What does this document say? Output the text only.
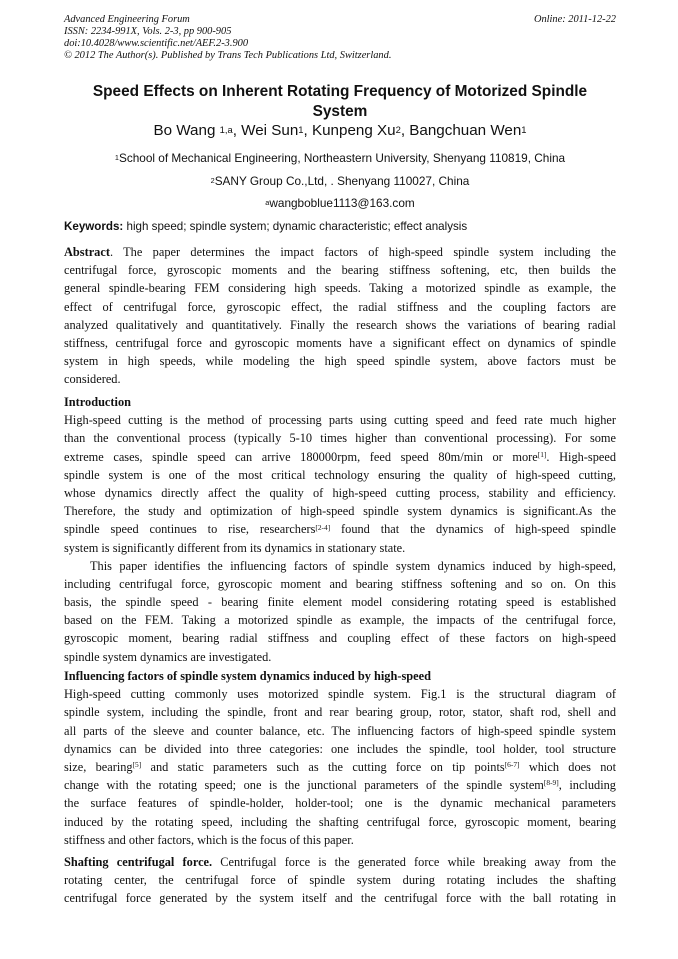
Advanced Engineering Forum	Online: 2011-12-22
ISSN: 2234-991X, Vols. 2-3, pp 900-905
doi:10.4028/www.scientific.net/AEF.2-3.900
© 2012 The Author(s). Published by Trans Tech Publications Ltd, Switzerland.
Speed Effects on Inherent Rotating Frequency of Motorized Spindle
System
Bo Wang $^{1,a}$, Wei Sun$^1$, Kunpeng Xu$^2$, Bangchuan Wen$^1$
$^1$School of Mechanical Engineering, Northeastern University, Shenyang 110819, China
$^2$SANY Group Co.,Ltd, . Shenyang 110027, China
$^a$wangboblue1113@163.com
Keywords: high speed; spindle system; dynamic characteristic; effect analysis
Abstract. The paper determines the impact factors of high-speed spindle system including the
centrifugal force, gyroscopic moments and the bearing stiffness softening, etc, then builds the
general spindle-bearing FEM considering high speeds. Taking a motorized spindle as example, the
effect of centrifugal force, gyroscopic effect, the radial stiffness and the coupling factors are
analyzed qualitatively and quantitatively. Finally the research shows the variations of bearing radial
stiffness, centrifugal force and gyroscopic moments have a significant effect on dynamics of spindle
system in high speeds, while modeling the high speed spindle system, above factors must be
considered.
Introduction
High-speed cutting is the method of processing parts using cutting speed and feed rate much higher
than the conventional process (typically 5-10 times higher than conventional processing). For some
extreme cases, spindle speed can arrive 180000rpm, feed speed 80m/min or more[1]. High-speed
spindle system is one of the most critical technology ensuring the quality of high-speed cutting,
whose dynamics directly affect the quality of high-speed cutting process, stability and efficiency.
Therefore, the study and optimization of high-speed spindle system dynamics is significant.As the
spindle speed continues to rise, researchers[2-4] found that the dynamics of high-speed spindle
system is significantly different from its dynamics in stationary state.
This paper identifies the influencing factors of spindle system dynamics induced by high-speed,
including centrifugal force, gyroscopic moment and bearing stiffness softening and so on. On this
basis, the spindle speed - bearing finite element model considering rotating speed is established
based on the FEM. Taking a motorized spindle as example, the impacts of the centrifugal force,
gyroscopic moment, bearing radial stiffness and coupling effect of these factors on high-speed
spindle system dynamics are investigated.
Influencing factors of spindle system dynamics induced by high-speed
High-speed cutting commonly uses motorized spindle system. Fig.1 is the structural diagram of
spindle system, including the spindle, front and rear bearing group, rotor, stator, shaft rod, shell and
all parts of the sleeve and counter balance, etc. The influencing factors of high-speed spindle system
dynamics can be divided into three categories: one includes the spindle, tool holder, tool structure
size, bearing[5] and static parameters such as the cutting force on tip points[6-7] which does not
change with the rotating speed; one is the junctional parameters of the spindle system[8-9], including
the surface features of spindle-holder, holder-tool; one is the dynamic mechanical parameters
induced by the rotating speed, including the shafting centrifugal force, gyroscopic moment, bearing
stiffness and other factors, which is the focus of this paper.
Shafting centrifugal force. Centrifugal force is the generated force while breaking away from the
rotating center, the centrifugal force of spindle system during rotating includes the shafting
centrifugal force generated by the system itself and the centrifugal force with the ball rotating in
